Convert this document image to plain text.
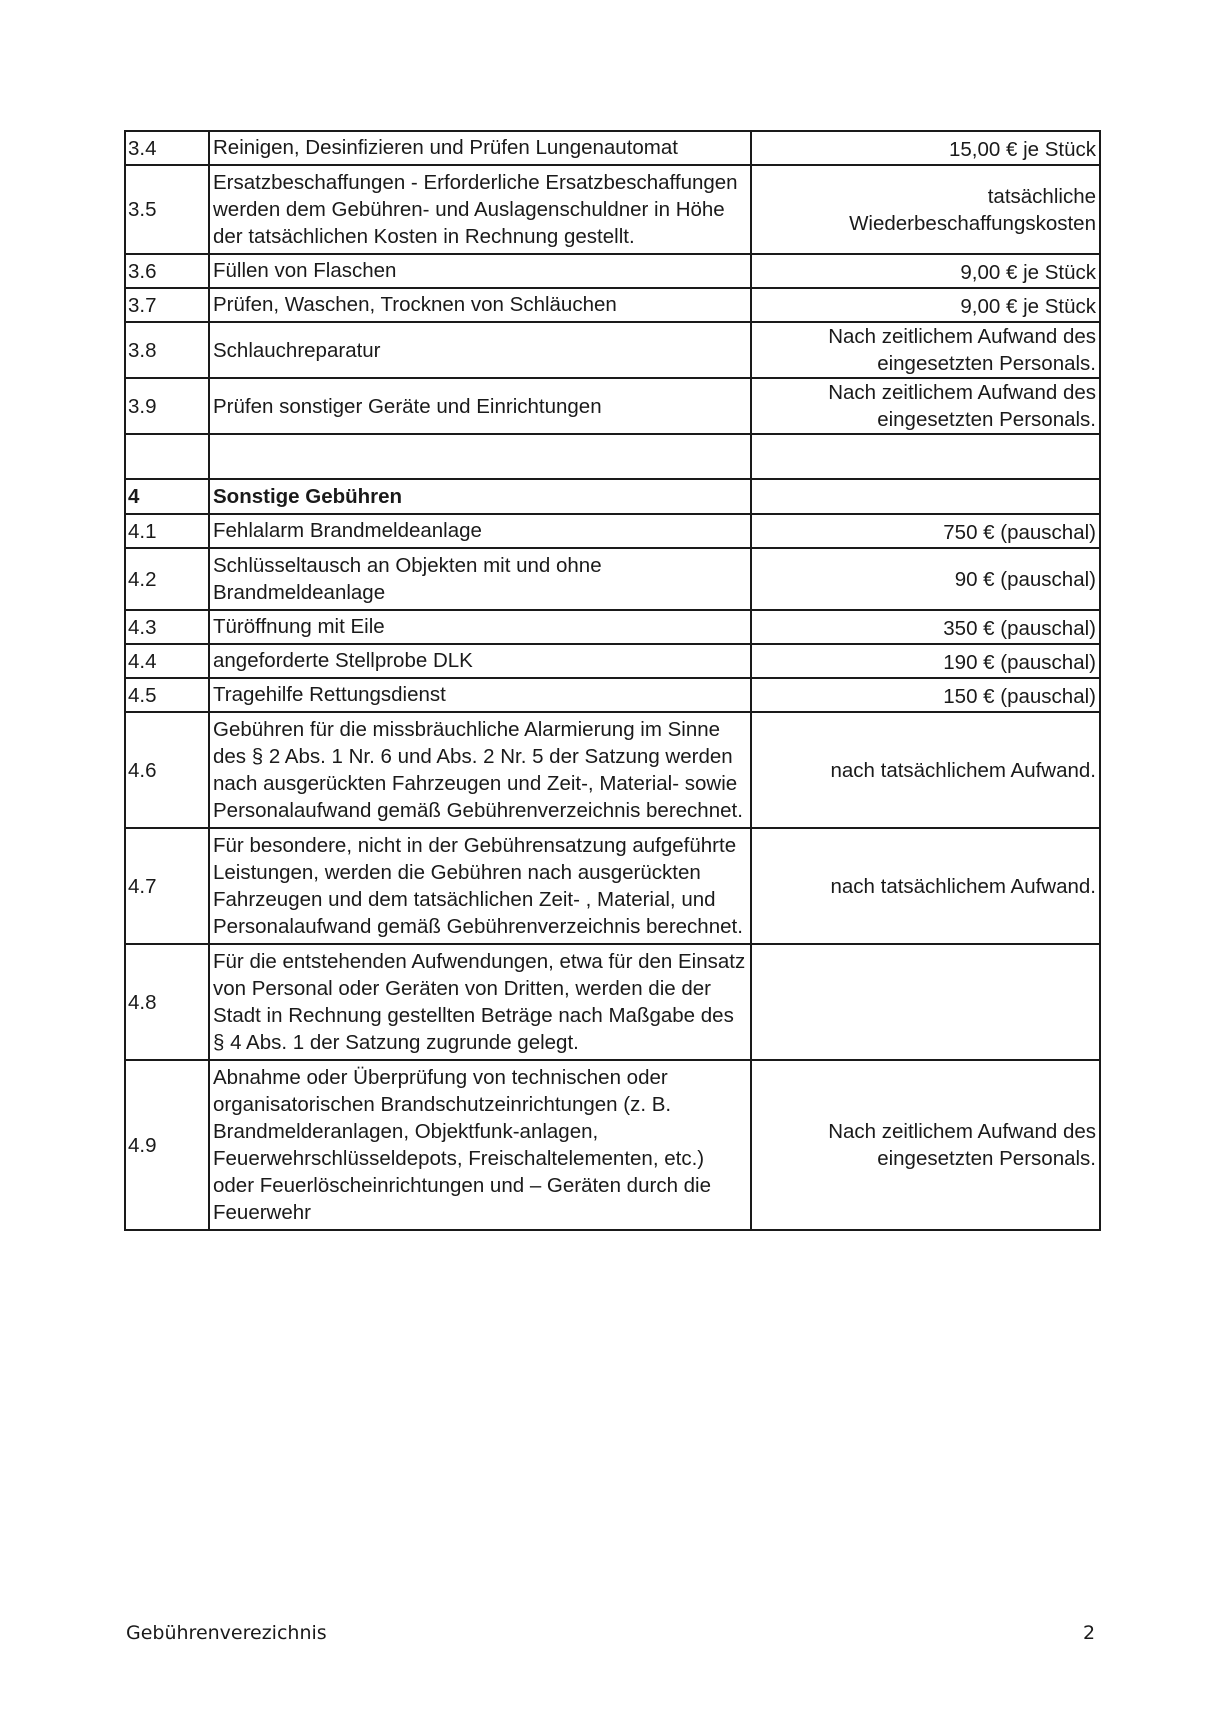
3.4	Reinigen, Desinfizieren und Prüfen Lungenautomat	15,00 € je Stück
3.5	Ersatzbeschaffungen - Erforderliche Ersatzbeschaffungen werden dem Gebühren- und Auslagenschuldner in Höhe der tatsächlichen Kosten in Rechnung gestellt.	tatsächliche Wiederbeschaffungskosten
3.6	Füllen von Flaschen	9,00 € je Stück
3.7	Prüfen, Waschen, Trocknen von Schläuchen	9,00 € je Stück
3.8	Schlauchreparatur	Nach zeitlichem Aufwand des eingesetzten Personals.
3.9	Prüfen sonstiger Geräte und Einrichtungen	Nach zeitlichem Aufwand des eingesetzten Personals.

4	Sonstige Gebühren	
4.1	Fehlalarm Brandmeldeanlage	750 € (pauschal)
4.2	Schlüsseltausch an Objekten mit und ohne Brandmeldeanlage	90 € (pauschal)
4.3	Türöffnung mit Eile	350 € (pauschal)
4.4	angeforderte Stellprobe DLK	190 € (pauschal)
4.5	Tragehilfe Rettungsdienst	150 € (pauschal)
4.6	Gebühren für die missbräuchliche Alarmierung im Sinne des § 2 Abs. 1 Nr. 6 und Abs. 2 Nr. 5 der Satzung werden nach ausgerückten Fahrzeugen und Zeit-, Material- sowie Personalaufwand gemäß Gebührenverzeichnis berechnet.	nach tatsächlichem Aufwand.
4.7	Für besondere, nicht in der Gebührensatzung aufgeführte Leistungen, werden die Gebühren nach ausgerückten Fahrzeugen und dem tatsächlichen Zeit- , Material, und Personalaufwand gemäß Gebührenverzeichnis berechnet.	nach tatsächlichem Aufwand.
4.8	Für die entstehenden Aufwendungen, etwa für den Einsatz von Personal oder Geräten von Dritten, werden die der Stadt in Rechnung gestellten Beträge nach Maßgabe des § 4 Abs. 1 der Satzung zugrunde gelegt.	
4.9	Abnahme oder Überprüfung von technischen oder organisatorischen Brandschutzeinrichtungen (z. B. Brandmelderanlagen, Objektfunk-anlagen, Feuerwehrschlüsseldepots, Freischaltelementen, etc.) oder Feuerlöscheinrichtungen und – Geräten durch die Feuerwehr	Nach zeitlichem Aufwand des eingesetzten Personals.
Gebührenverezichnis	2
